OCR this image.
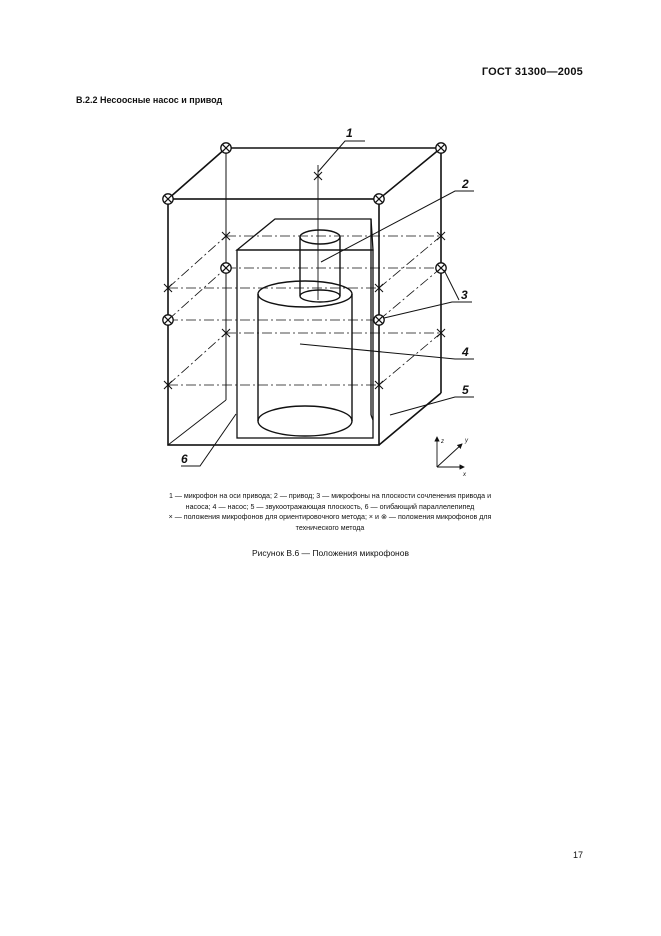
ГОСТ 31300—2005
В.2.2 Несоосные насос и привод
1
2
3
4
5
6
z	y
x

1 — микрофон на оси привода; 2 — привод; 3 — микрофоны на плоскости сочленения привода и

насоса; 4 — насос; 5 — звукоотражающая плоскость, 6 — огибающий параллелепипед

× — положения микрофонов для ориентировочного метода; × и ⊗ — положения микрофонов для

технического метода

Рисунок В.6 — Положения микрофонов
17
